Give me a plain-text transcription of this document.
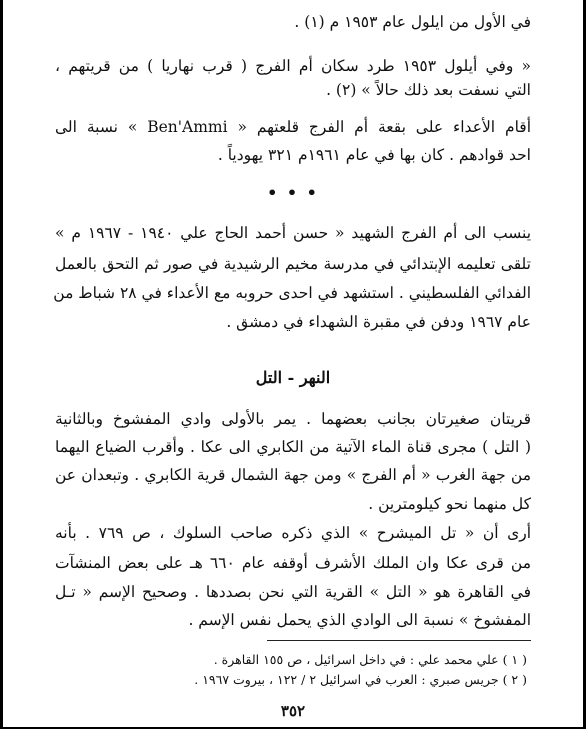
في الأول من ايلول عام ١٩٥٣ م (١) .
« وفي أيلول ١٩٥٣ طرد سكان أم الفرج ( قرب نهاريا ) من قريتهم ،
التي نسفت بعد ذلك حالاً » (٢) .
أقام الأعداء على بقعة أم الفرج قلعتهم « Ben'Ammi » نسبة الى
احد قوادهم . كان بها في عام ١٩٦١م ٣٢١ يهودياً .
• • •
ينسب الى أم الفرج الشهيد « حسن أحمد الحاج علي ١٩٤٠ - ١٩٦٧ م »
تلقى تعليمه الإبتدائي في مدرسة مخيم الرشيدية في صور ثم التحق بالعمل
الفدائي الفلسطيني . استشهد في احدى حروبه مع الأعداء في ٢٨ شباط من
عام ١٩٦٧ ودفن في مقبرة الشهداء في دمشق .
النهر - التل
قريتان صغيرتان بجانب بعضهما . يمر بالأولى وادي المفشوخ وبالثانية
( التل ) مجرى قناة الماء الآتية من الكابري الى عكا . وأقرب الضياع اليهما
من جهة الغرب « أم الفرج » ومن جهة الشمال قرية الكابري . وتبعدان عن
كل منهما نحو كيلومترين .
أرى أن « تل الميشرح » الذي ذكره صاحب السلوك ، ص ٧٦٩ . بأنه
من قرى عكا وان الملك الأشرف أوقفه عام ٦٦٠ هـ على بعض المنشآت
في القاهرة هو « التل » القرية التي نحن بصددها . وصحيح الإسم « تـل
المفشوخ » نسبة الى الوادي الذي يحمل نفس الإسم .
( ١ ) علي محمد علي : في داخل اسرائيل ، ص ١٥٥ القاهرة .
( ٢ ) جريس صبري : العرب في اسرائيل ٢ / ١٢٢ ، بيروت ١٩٦٧ .
٣٥٢
